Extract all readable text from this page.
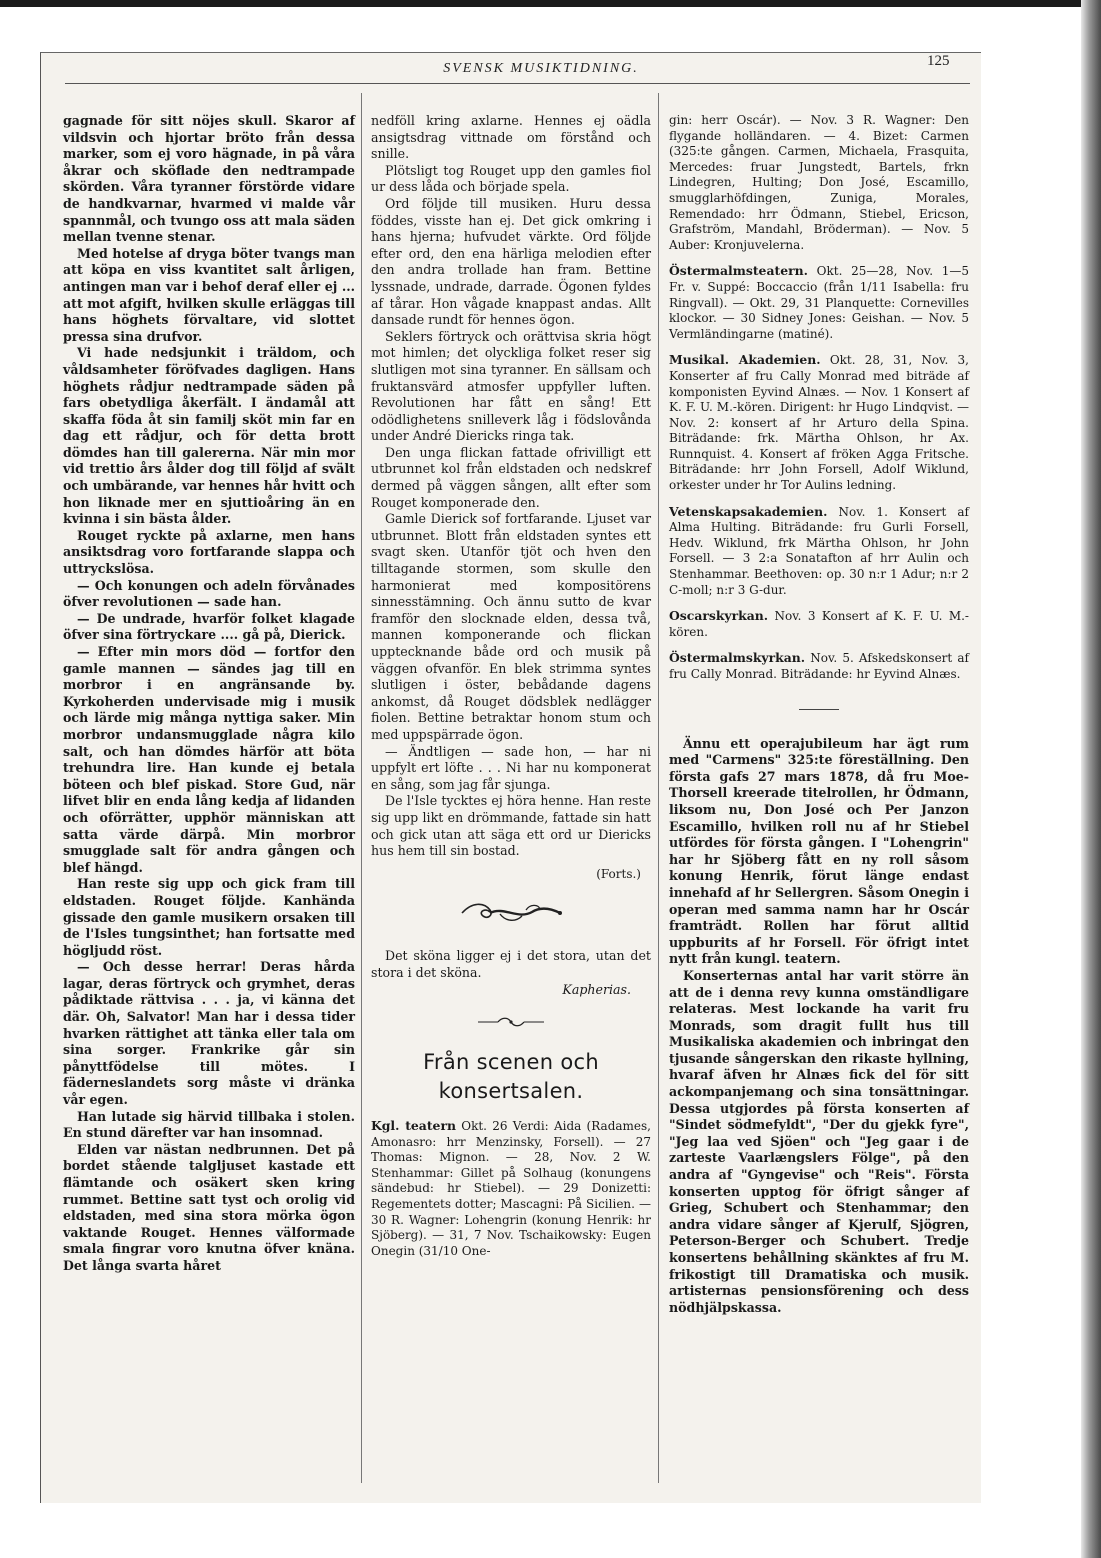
SVENSK MUSIKTIDNING.	125

gagnade för sitt nöjes skull. Skaror af vildsvin och hjortar bröto från dessa marker, som ej voro hägnade, in på våra åkrar och sköflade den nedtrampade skörden. Våra tyranner förstörde vidare de handkvarnar, hvarmed vi malde vår spannmål, och tvungo oss att mala säden mellan tvenne stenar.

Med hotelse af dryga böter tvangs man att köpa en viss kvantitet salt årligen, antingen man var i behof deraf eller ej ... att mot afgift, hvilken skulle erläggas till hans höghets förvaltare, vid slottet pressa sina drufvor.

Vi hade nedsjunkit i träldom, och våldsamheter föröfvades dagligen. Hans höghets rådjur nedtrampade säden på fars obetydliga åkerfält. I ändamål att skaffa föda åt sin familj sköt min far en dag ett rådjur, och för detta brott dömdes han till galererna. När min mor vid trettio års ålder dog till följd af svält och umbärande, var hennes hår hvitt och hon liknade mer en sjuttioåring än en kvinna i sin bästa ålder.

Rouget ryckte på axlarne, men hans ansiktsdrag voro fortfarande slappa och uttryckslösa.

— Och konungen och adeln förvånades öfver revolutionen — sade han.

— De undrade, hvarför folket klagade öfver sina förtryckare .... gå på, Dierick.

— Efter min mors död — fortfor den gamle mannen — sändes jag till en morbror i en angränsande by. Kyrkoherden undervisade mig i musik och lärde mig många nyttiga saker. Min morbror undansmugglade några kilo salt, och han dömdes härför att böta trehundra lire. Han kunde ej betala böteen och blef piskad. Store Gud, när lifvet blir en enda lång kedja af lidanden och oförrätter, upphör människan att satta värde därpå. Min morbror smugglade salt för andra gången och blef hängd.

Han reste sig upp och gick fram till eldstaden. Rouget följde. Kanhända gissade den gamle musikern orsaken till de l'Isles tungsinthet; han fortsatte med högljudd röst.

— Och desse herrar! Deras hårda lagar, deras förtryck och grymhet, deras pådiktade rättvisa . . . ja, vi känna det där. Oh, Salvator! Man har i dessa tider hvarken rättighet att tänka eller tala om sina sorger. Frankrike går sin pånyttfödelse till mötes. I fäderneslandets sorg måste vi dränka vår egen.

Han lutade sig härvid tillbaka i stolen. En stund därefter var han insomnad.

Elden var nästan nedbrunnen. Det på bordet stående talgljuset kastade ett flämtande och osäkert sken kring rummet. Bettine satt tyst och orolig vid eldstaden, med sina stora mörka ögon vaktande Rouget. Hennes välformade smala fingrar voro knutna öfver knäna. Det långa svarta håret

nedföll kring axlarne. Hennes ej oädla ansigtsdrag vittnade om förstånd och snille.

Plötsligt tog Rouget upp den gamles fiol ur dess låda och började spela.

Ord följde till musiken. Huru dessa föddes, visste han ej. Det gick omkring i hans hjerna; hufvudet värkte. Ord följde efter ord, den ena härliga melodien efter den andra trollade han fram. Bettine lyssnade, undrade, darrade. Ögonen fyldes af tårar. Hon vågade knappast andas. Allt dansade rundt för hennes ögon.

Seklers förtryck och orättvisa skria högt mot himlen; det olyckliga folket reser sig slutligen mot sina tyranner. En sällsam och fruktansvärd atmosfer uppfyller luften. Revolutionen har fått en sång! Ett odödlighetens snilleverk låg i födslovånda under André Diericks ringa tak.

Den unga flickan fattade ofrivilligt ett utbrunnet kol från eldstaden och nedskref dermed på väggen sången, allt efter som Rouget komponerade den.

Gamle Dierick sof fortfarande. Ljuset var utbrunnet. Blott från eldstaden syntes ett svagt sken. Utanför tjöt och hven den tilltagande stormen, som skulle den harmonierat med kompositörens sinnesstämning. Och ännu sutto de kvar framför den slocknade elden, dessa två, mannen komponerande och flickan upptecknande både ord och musik på väggen ofvanför. En blek strimma syntes slutligen i öster, bebådande dagens ankomst, då Rouget dödsblek nedlägger fiolen. Bettine betraktar honom stum och med uppspärrade ögon.

— Ändtligen — sade hon, — har ni uppfylt ert löfte . . . Ni har nu komponerat en sång, som jag får sjunga.

De l'Isle tycktes ej höra henne. Han reste sig upp likt en drömmande, fattade sin hatt och gick utan att säga ett ord ur Diericks hus hem till sin bostad.

(Forts.)

Det sköna ligger ej i det stora, utan det stora i det sköna.

Kapherias.

Från scenen och konsertsalen.

Kgl. teatern Okt. 26 Verdi: Aida (Radames, Amonasro: hrr Menzinsky, Forsell). — 27 Thomas: Mignon. — 28, Nov. 2 W. Stenhammar: Gillet på Solhaug (konungens sändebud: hr Stiebel). — 29 Donizetti: Regementets dotter; Mascagni: På Sicilien. — 30 R. Wagner: Lohengrin (konung Henrik: hr Sjöberg). — 31, 7 Nov. Tschaikowsky: Eugen Onegin (31/10 One-

gin: herr Oscár). — Nov. 3 R. Wagner: Den flygande holländaren. — 4. Bizet: Carmen (325:te gången. Carmen, Michaela, Frasquita, Mercedes: fruar Jungstedt, Bartels, frkn Lindegren, Hulting; Don José, Escamillo, smugglarhöfdingen, Zuniga, Morales, Remendado: hrr Ödmann, Stiebel, Ericson, Grafström, Mandahl, Bröderman). — Nov. 5 Auber: Kronjuvelerna.

Östermalmsteatern. Okt. 25—28, Nov. 1—5 Fr. v. Suppé: Boccaccio (från 1/11 Isabella: fru Ringvall). — Okt. 29, 31 Planquette: Cornevilles klockor. — 30 Sidney Jones: Geishan. — Nov. 5 Vermländingarne (matiné).

Musikal. Akademien. Okt. 28, 31, Nov. 3, Konserter af fru Cally Monrad med biträde af komponisten Eyvind Alnæs. — Nov. 1 Konsert af K. F. U. M.-kören. Dirigent: hr Hugo Lindqvist. — Nov. 2: konsert af hr Arturo della Spina. Biträdande: frk. Märtha Ohlson, hr Ax. Runnquist. 4. Konsert af fröken Agga Fritsche. Biträdande: hrr John Forsell, Adolf Wiklund, orkester under hr Tor Aulins ledning.

Vetenskapsakademien. Nov. 1. Konsert af Alma Hulting. Biträdande: fru Gurli Forsell, Hedv. Wiklund, frk Märtha Ohlson, hr John Forsell. — 3 2:a Sonatafton af hrr Aulin och Stenhammar. Beethoven: op. 30 n:r 1 Adur; n:r 2 C-moll; n:r 3 G-dur.

Oscarskyrkan. Nov. 3 Konsert af K. F. U. M.-kören.

Östermalmskyrkan. Nov. 5. Afskedskonsert af fru Cally Monrad. Biträdande: hr Eyvind Alnæs.

Ännu ett operajubileum har ägt rum med "Carmens" 325:te föreställning. Den första gafs 27 mars 1878, då fru Moe-Thorsell kreerade titelrollen, hr Ödmann, liksom nu, Don José och Per Janzon Escamillo, hvilken roll nu af hr Stiebel utfördes för första gången. I "Lohengrin" har hr Sjöberg fått en ny roll såsom konung Henrik, förut länge endast innehafd af hr Sellergren. Såsom Onegin i operan med samma namn har hr Oscár framträdt. Rollen har förut alltid uppburits af hr Forsell. För öfrigt intet nytt från kungl. teatern.

Konserternas antal har varit större än att de i denna revy kunna omständligare relateras. Mest lockande ha varit fru Monrads, som dragit fullt hus till Musikaliska akademien och inbringat den tjusande sångerskan den rikaste hyllning, hvaraf äfven hr Alnæs fick del för sitt ackompanjemang och sina tonsättningar. Dessa utgjordes på första konserten af "Sindet södmefyldt", "Der du gjekk fyre", "Jeg laa ved Sjöen" och "Jeg gaar i de zarteste Vaarlængslers Fölge", på den andra af "Gyngevise" och "Reis". Första konserten upptog för öfrigt sånger af Grieg, Schubert och Stenhammar; den andra vidare sånger af Kjerulf, Sjögren, Peterson-Berger och Schubert. Tredje konsertens behållning skänktes af fru M. frikostigt till Dramatiska och musik. artisternas pensionsförening och dess nödhjälpskassa.
